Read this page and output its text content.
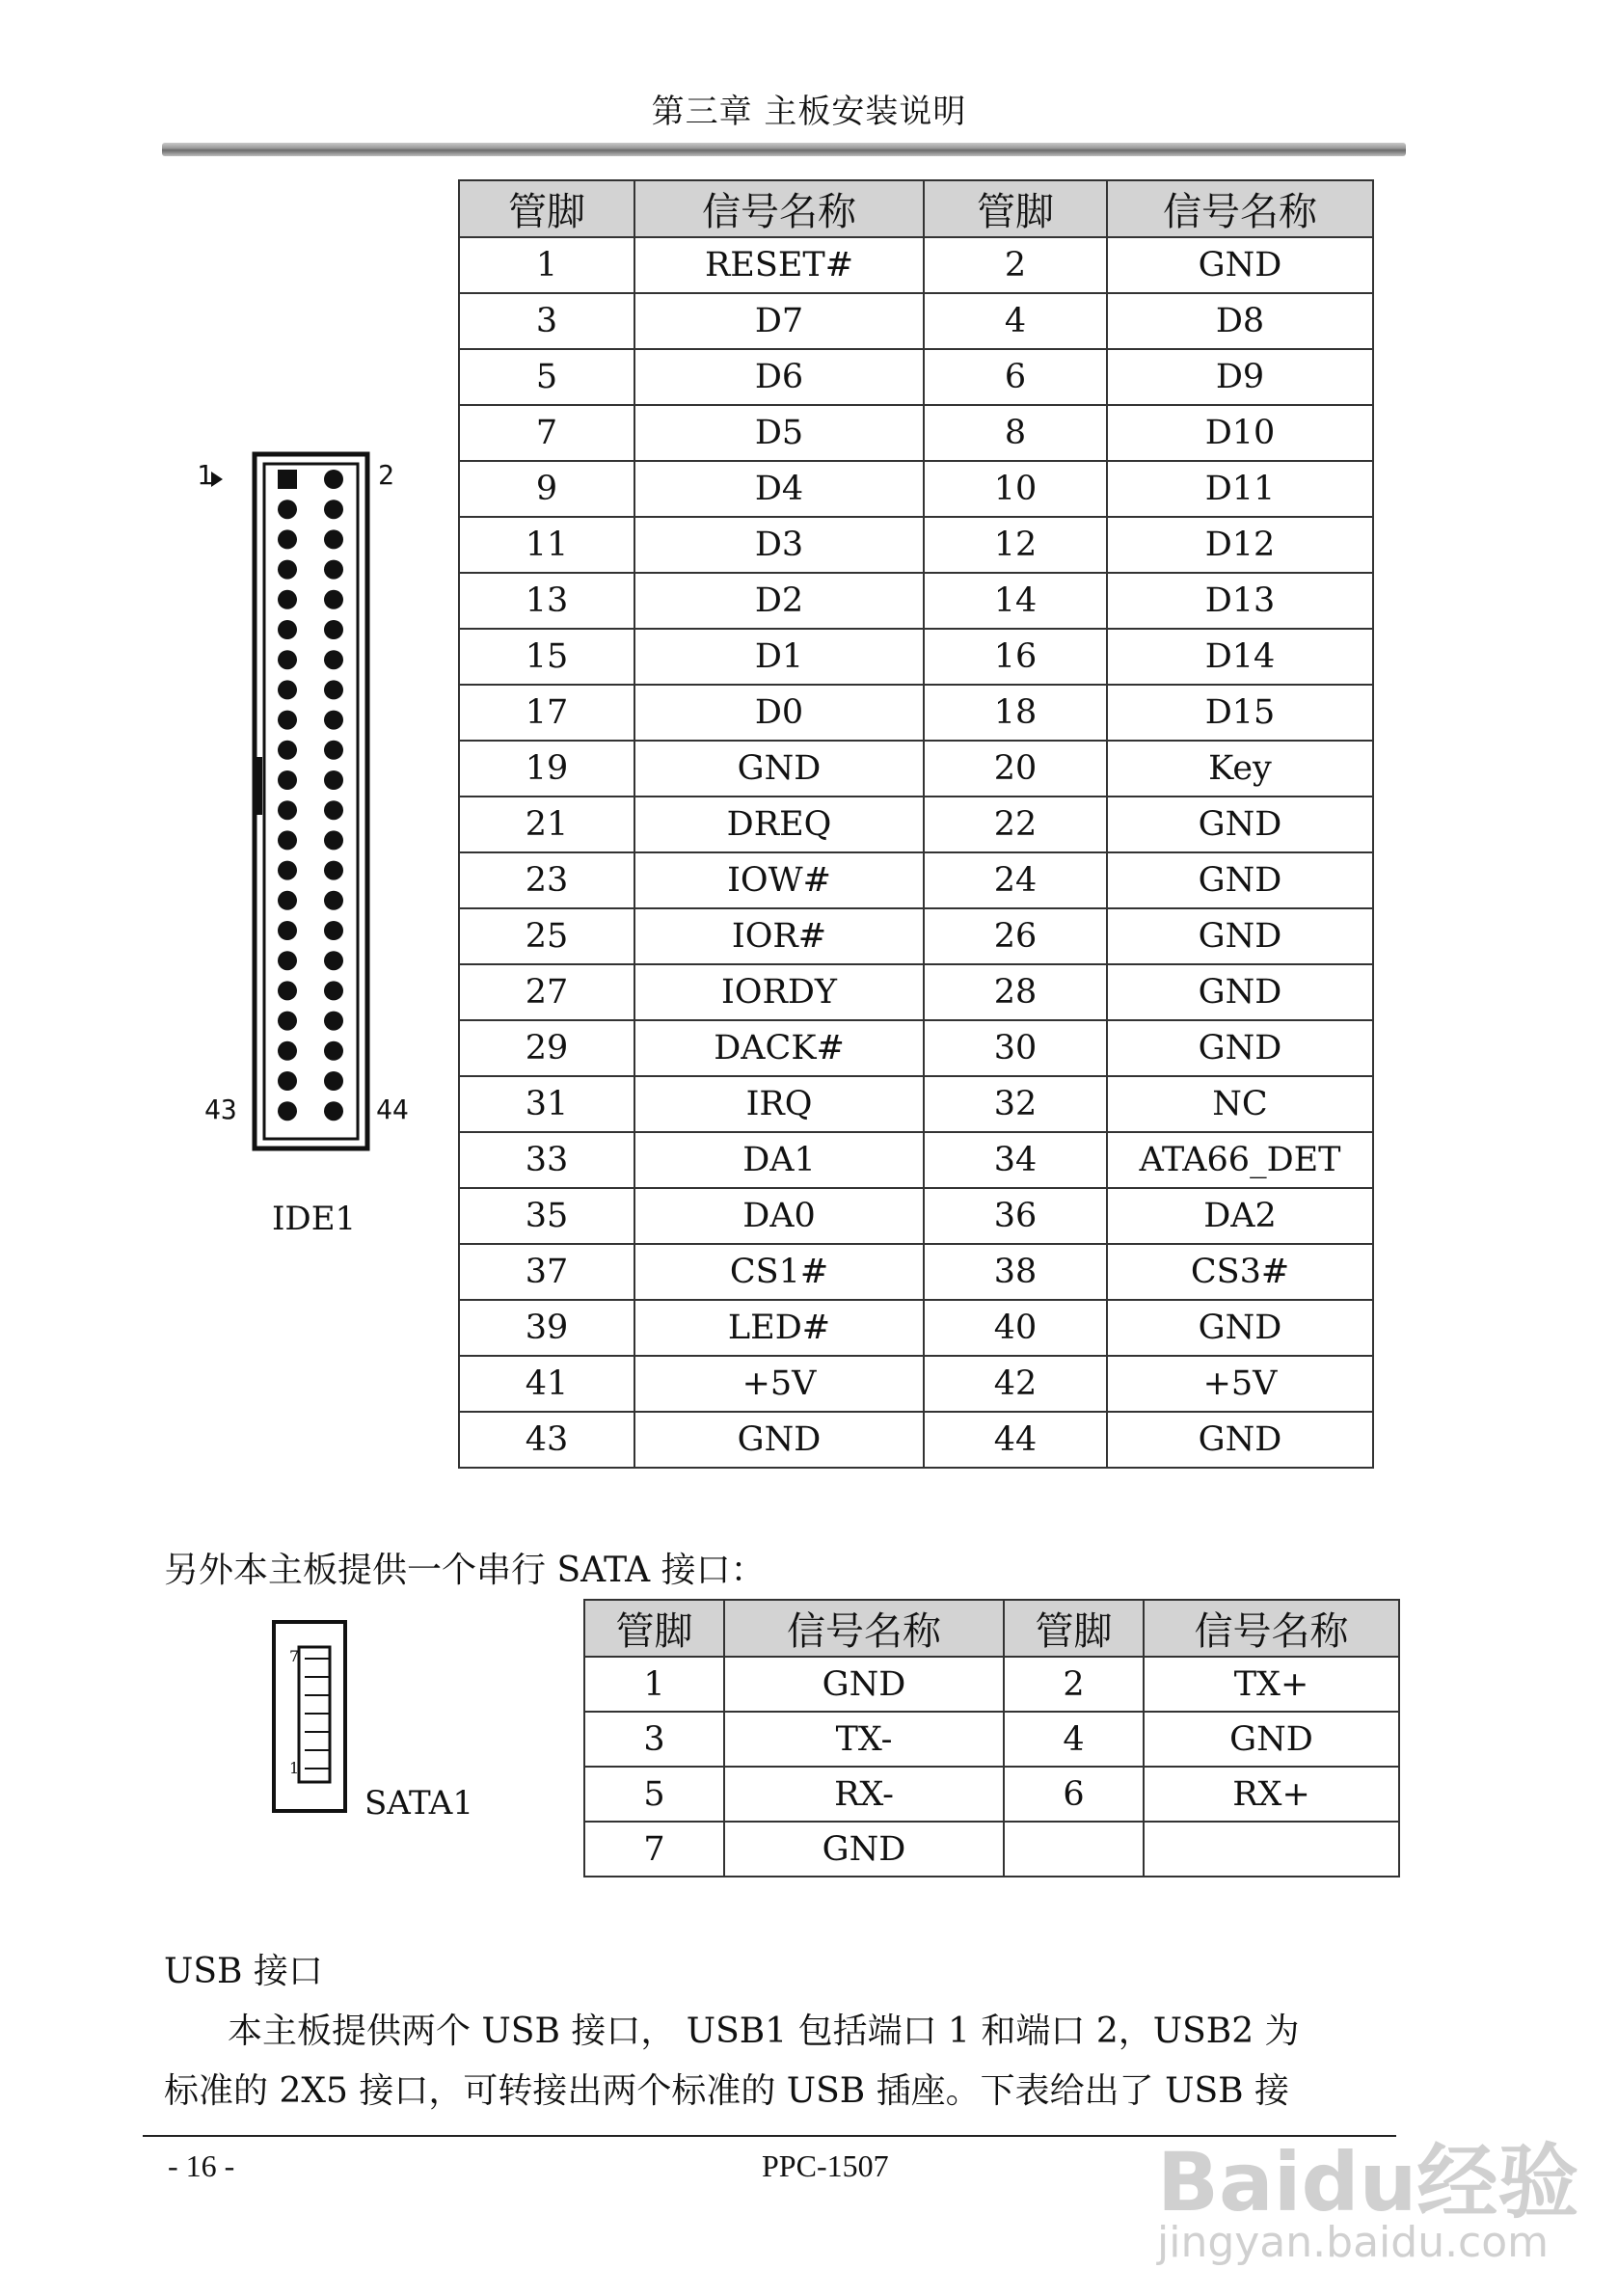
第三章 主板安装说明
1	2
43	44
IDE1
管脚	信号名称	管脚	信号名称
1	RESET#	2	GND
3	D7	4	D8
5	D6	6	D9
7	D5	8	D10
9	D4	10	D11
11	D3	12	D12
13	D2	14	D13
15	D1	16	D14
17	D0	18	D15
19	GND	20	Key
21	DREQ	22	GND
23	IOW#	24	GND
25	IOR#	26	GND
27	IORDY	28	GND
29	DACK#	30	GND
31	IRQ	32	NC
33	DA1	34	ATA66_DET
35	DA0	36	DA2
37	CS1#	38	CS3#
39	LED#	40	GND
41	+5V	42	+5V
43	GND	44	GND
另外本主板提供一个串行 SATA 接口：
7
1
SATA1
管脚	信号名称	管脚	信号名称
1	GND	2	TX+
3	TX-	4	GND
5	RX-	6	RX+
7	GND		
USB 接口
本主板提供两个 USB 接口， USB1 包括端口 1 和端口 2，USB2 为
标准的 2X5 接口，可转接出两个标准的 USB 插座。下表给出了 USB 接
- 16 -	PPC-1507	Baidu经验
jingyan.baidu.com
